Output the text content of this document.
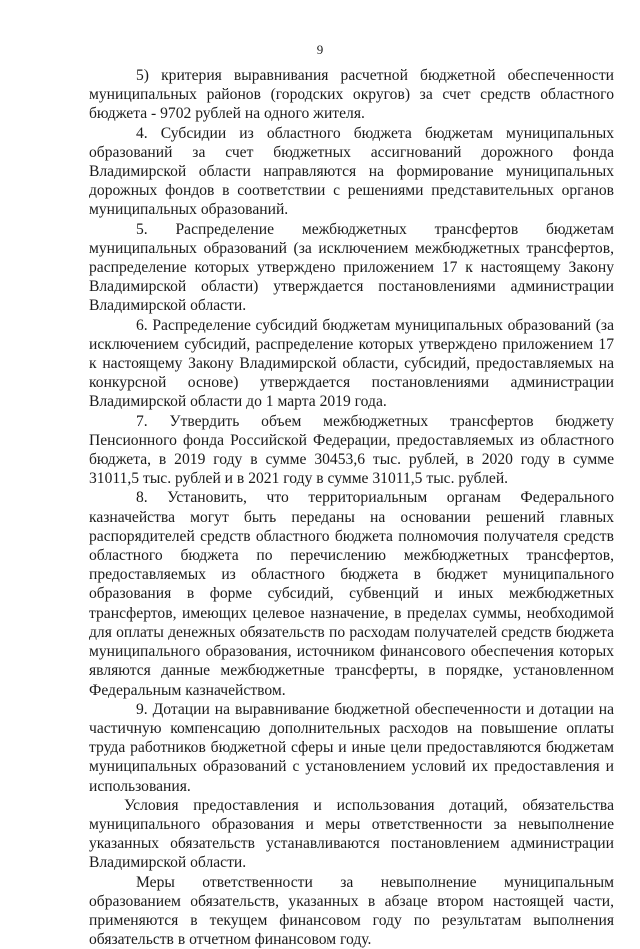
9

5) критерия выравнивания расчетной бюджетной обеспеченности муниципальных районов (городских округов) за счет средств областного бюджета - 9702 рублей на одного жителя.

4. Субсидии из областного бюджета бюджетам муниципальных образований за счет бюджетных ассигнований дорожного фонда Владимирской области направляются на формирование муниципальных дорожных фондов в соответствии с решениями представительных органов муниципальных образований.

5. Распределение межбюджетных трансфертов бюджетам муниципальных образований (за исключением межбюджетных трансфертов, распределение которых утверждено приложением 17 к настоящему Закону Владимирской области) утверждается постановлениями администрации Владимирской области.

6. Распределение субсидий бюджетам муниципальных образований (за исключением субсидий, распределение которых утверждено приложением 17 к настоящему Закону Владимирской области, субсидий, предоставляемых на конкурсной основе) утверждается постановлениями администрации Владимирской области до 1 марта 2019 года.

7. Утвердить объем межбюджетных трансфертов бюджету Пенсионного фонда Российской Федерации, предоставляемых из областного бюджета, в 2019 году в сумме 30453,6 тыс. рублей, в 2020 году в сумме 31011,5 тыс. рублей и в 2021 году в сумме 31011,5 тыс. рублей.

8. Установить, что территориальным органам Федерального казначейства могут быть переданы на основании решений главных распорядителей средств областного бюджета полномочия получателя средств областного бюджета по перечислению межбюджетных трансфертов, предоставляемых из областного бюджета в бюджет муниципального образования в форме субсидий, субвенций и иных межбюджетных трансфертов, имеющих целевое назначение, в пределах суммы, необходимой для оплаты денежных обязательств по расходам получателей средств бюджета муниципального образования, источником финансового обеспечения которых являются данные межбюджетные трансферты, в порядке, установленном Федеральным казначейством.

9. Дотации на выравнивание бюджетной обеспеченности и дотации на частичную компенсацию дополнительных расходов на повышение оплаты труда работников бюджетной сферы и иные цели предоставляются бюджетам муниципальных образований с установлением условий их предоставления и использования.

Условия предоставления и использования дотаций, обязательства муниципального образования и меры ответственности за невыполнение указанных обязательств устанавливаются постановлением администрации Владимирской области.

Меры ответственности за невыполнение муниципальным образованием обязательств, указанных в абзаце втором настоящей части, применяются в текущем финансовом году по результатам выполнения обязательств в отчетном финансовом году.
